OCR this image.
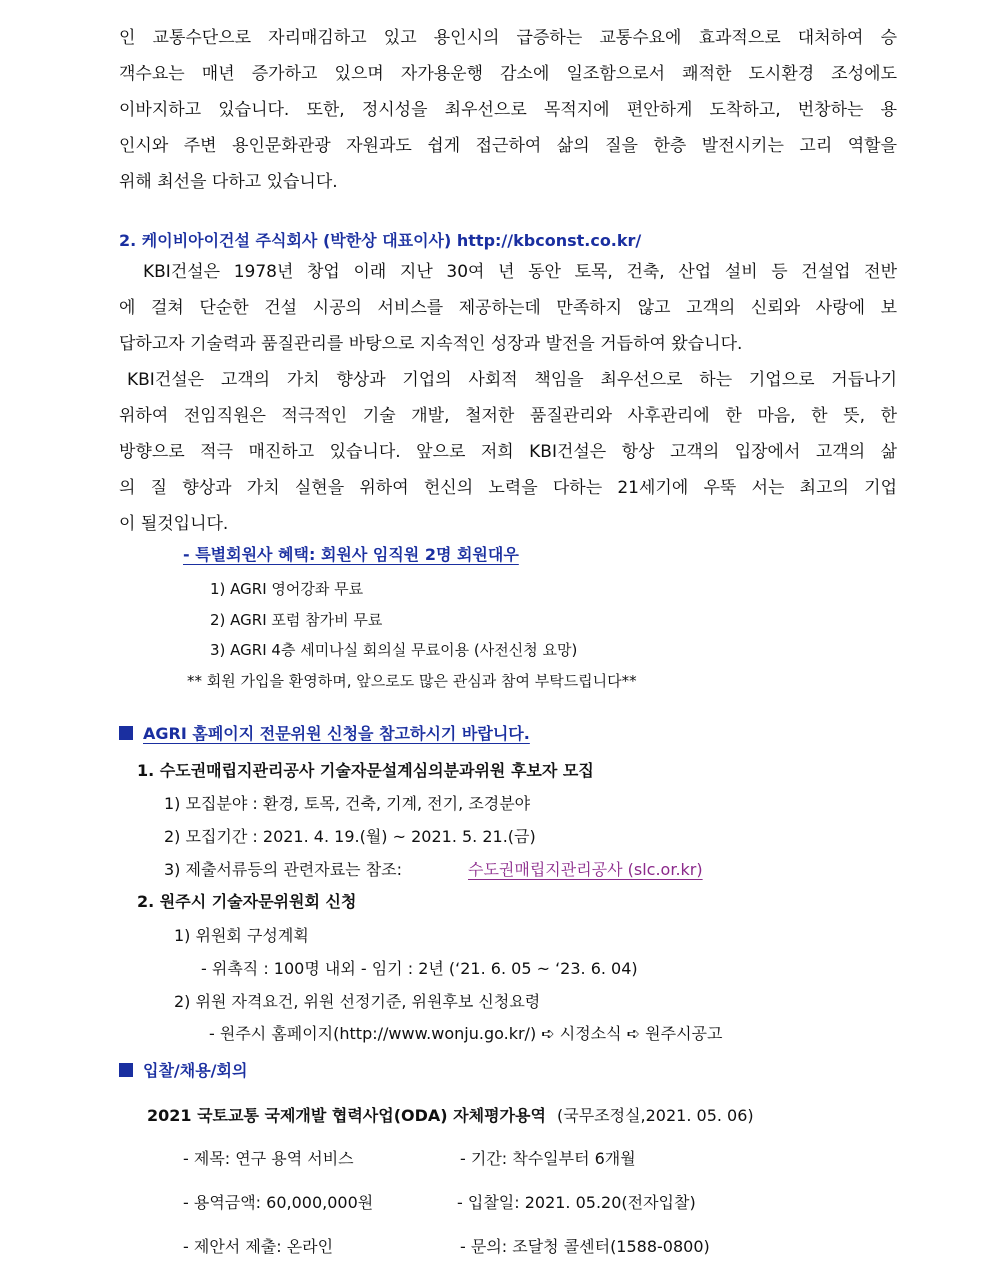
인 교통수단으로 자리매김하고 있고 용인시의 급증하는 교통수요에 효과적으로 대처하여 승
객수요는 매년 증가하고 있으며 자가용운행 감소에 일조함으로서 쾌적한 도시환경 조성에도
이바지하고 있습니다. 또한, 정시성을 최우선으로 목적지에 편안하게 도착하고, 번창하는 용
인시와 주변 용인문화관광 자원과도 쉽게 접근하여 삶의 질을 한층 발전시키는 고리 역할을
위해 최선을 다하고 있습니다.
2. 케이비아이건설 주식회사 (박한상 대표이사) http://kbconst.co.kr/
KBI건설은 1978년 창업 이래 지난 30여 년 동안 토목, 건축, 산업 설비 등 건설업 전반
에 걸쳐 단순한 건설 시공의 서비스를 제공하는데 만족하지 않고 고객의 신뢰와 사랑에 보
답하고자 기술력과 품질관리를 바탕으로 지속적인 성장과 발전을 거듭하여 왔습니다.
KBI건설은 고객의 가치 향상과 기업의 사회적 책임을 최우선으로 하는 기업으로 거듭나기
위하여 전임직원은 적극적인 기술 개발, 철저한 품질관리와 사후관리에 한 마음, 한 뜻, 한
방향으로 적극 매진하고 있습니다. 앞으로 저희 KBI건설은 항상 고객의 입장에서 고객의 삶
의 질 향상과 가치 실현을 위하여 헌신의 노력을 다하는 21세기에 우뚝 서는 최고의 기업
이 될것입니다.
- 특별회원사 혜택: 회원사 임직원 2명 회원대우
1) AGRI 영어강좌 무료
2) AGRI 포럼 참가비 무료
3) AGRI 4층 세미나실 회의실 무료이용 (사전신청 요망)
** 회원 가입을 환영하며, 앞으로도 많은 관심과 참여 부탁드립니다**
AGRI 홈페이지 전문위원 신청을 참고하시기 바랍니다.
1. 수도권매립지관리공사 기술자문설계심의분과위원 후보자 모집
1) 모집분야 : 환경, 토목, 건축, 기계, 전기, 조경분야
2) 모집기간 : 2021. 4. 19.(월) ~ 2021. 5. 21.(금)
3) 제출서류등의 관련자료는 참조:	수도권매립지관리공사 (slc.or.kr)
2. 원주시 기술자문위원회 신청
1) 위원회 구성계획
- 위촉직 : 100명 내외 - 임기 : 2년 (‘21. 6. 05 ~ ‘23. 6. 04)
2) 위원 자격요건, 위원 선정기준, 위원후보 신청요령
- 원주시 홈페이지(http://www.wonju.go.kr/) ➪ 시정소식 ➪ 원주시공고
입찰/채용/회의
2021 국토교통 국제개발 협력사업(ODA) 자체평가용역 (국무조정실,2021. 05. 06)
- 제목: 연구 용역 서비스	- 기간: 착수일부터 6개월
- 용역금액: 60,000,000원	- 입찰일: 2021. 05.20(전자입찰)
- 제안서 제출: 온라인	- 문의: 조달청 콜센터(1588-0800)
